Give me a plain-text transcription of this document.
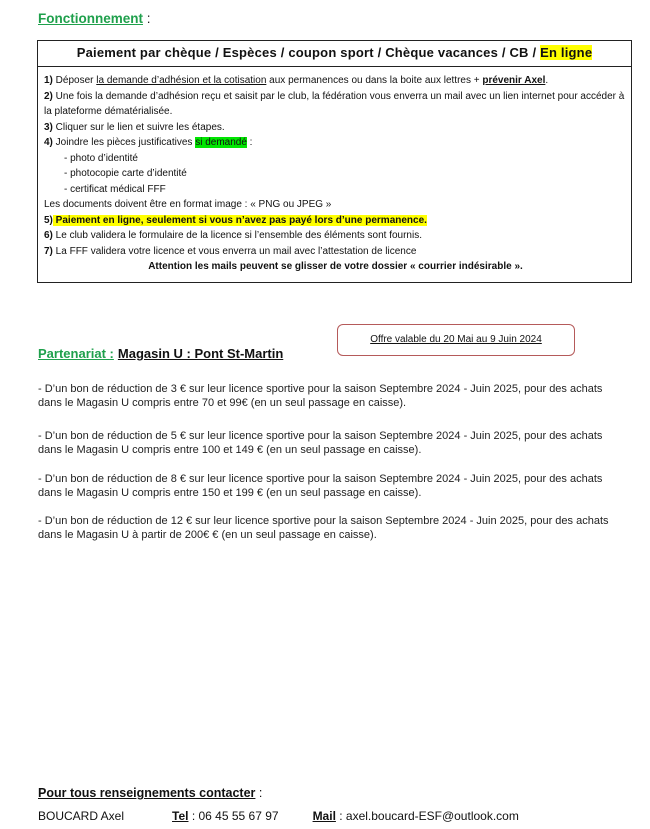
Fonctionnement :
Paiement par chèque / Espèces / coupon sport / Chèque vacances / CB / En ligne
1) Déposer la demande d’adhésion et la cotisation aux permanences ou dans la boite aux lettres + prévenir Axel.
2) Une fois la demande d’adhésion reçu et saisit par le club, la fédération vous enverra un mail avec un lien internet pour accéder à la plateforme dématérialisée.
3) Cliquer sur le lien et suivre les étapes.
4) Joindre les pièces justificatives si demandé :
- photo d’identité
- photocopie carte d’identité
- certificat médical FFF
Les documents doivent être en format image : « PNG ou JPEG »
5) Paiement en ligne, seulement si vous n’avez pas payé lors d’une permanence.
6) Le club validera le formulaire de la licence si l’ensemble des éléments sont fournis.
7) La FFF validera votre licence et vous enverra un mail avec l’attestation de licence
Attention les mails peuvent se glisser de votre dossier « courrier indésirable ».
Offre valable du 20 Mai au 9 Juin 2024
Partenariat : Magasin U : Pont St-Martin
- D’un bon de réduction de 3 € sur leur licence sportive pour la saison Septembre 2024 - Juin 2025, pour des achats dans le Magasin U compris entre 70 et 99€ (en un seul passage en caisse).
- D’un bon de réduction de 5 € sur leur licence sportive pour la saison Septembre 2024 - Juin 2025, pour des achats dans le Magasin U compris entre 100 et 149 € (en un seul passage en caisse).
- D’un bon de réduction de 8 € sur leur licence sportive pour la saison Septembre 2024 - Juin 2025, pour des achats dans le Magasin U compris entre 150 et 199 € (en un seul passage en caisse).
- D’un bon de réduction de 12 € sur leur licence sportive pour la saison Septembre 2024 - Juin 2025, pour des achats dans le Magasin U à partir de 200€ € (en un seul passage en caisse).
Pour tous renseignements contacter :
BOUCARD Axel	Tel : 06 45 55 67 97	Mail : axel.boucard-ESF@outlook.com
